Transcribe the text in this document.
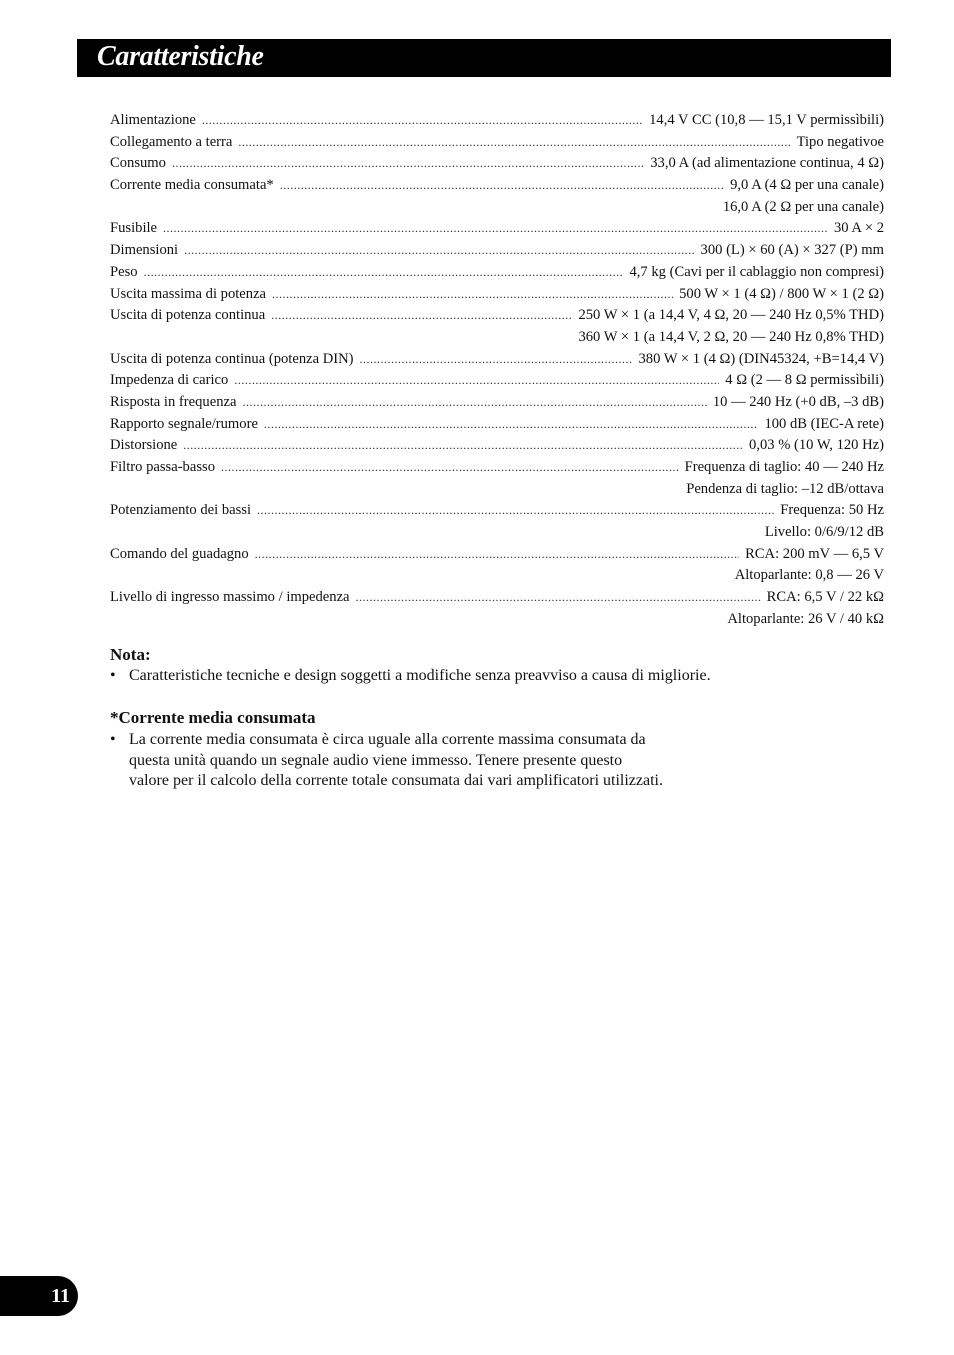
Caratteristiche
Alimentazione .....	14,4 V CC (10,8 — 15,1 V permissìbili)
Collegamento a terra .....	Tipo negativoe
Consumo .....	33,0 A (ad alimentazione continua, 4 Ω)
Corrente media consumata* .....	9,0 A (4 Ω per una canale)
16,0 A (2 Ω per una canale)
Fusibile .....	30 A × 2
Dimensioni .....	300 (L) × 60 (A) × 327 (P) mm
Peso .....	4,7 kg (Cavi per il cablaggio non compresi)
Uscita massima di potenza .....	500 W × 1 (4 Ω) / 800 W × 1 (2 Ω)
Uscita di potenza continua .....	250 W × 1 (a 14,4 V, 4 Ω, 20 — 240 Hz 0,5% THD)
360 W × 1 (a 14,4 V, 2 Ω, 20 — 240 Hz 0,8% THD)
Uscita di potenza continua (potenza DIN) .....	380 W × 1 (4 Ω) (DIN45324, +B=14,4 V)
Impedenza di carico .....	4 Ω (2 — 8 Ω permissìbili)
Risposta in frequenza .....	10 — 240 Hz (+0 dB, –3 dB)
Rapporto segnale/rumore .....	100 dB (IEC-A rete)
Distorsione .....	0,03 % (10 W, 120 Hz)
Filtro passa-basso .....	Frequenza di taglio: 40 — 240 Hz
Pendenza di taglio: –12 dB/ottava
Potenziamento dei bassi .....	Frequenza: 50 Hz
Livello: 0/6/9/12 dB
Comando del guadagno .....	RCA: 200 mV — 6,5 V
Altoparlante: 0,8 — 26 V
Livello di ingresso massimo / impedenza .....	RCA: 6,5 V / 22 kΩ
Altoparlante: 26 V / 40 kΩ
Nota:
• Caratteristiche tecniche e design soggetti a modifiche senza preavviso a causa di migliorie.
*Corrente media consumata
• La corrente media consumata è circa uguale alla corrente massima consumata da
questa unità quando un segnale audio viene immesso. Tenere presente questo
valore per il calcolo della corrente totale consumata dai vari amplificatori utilizzati.
11
